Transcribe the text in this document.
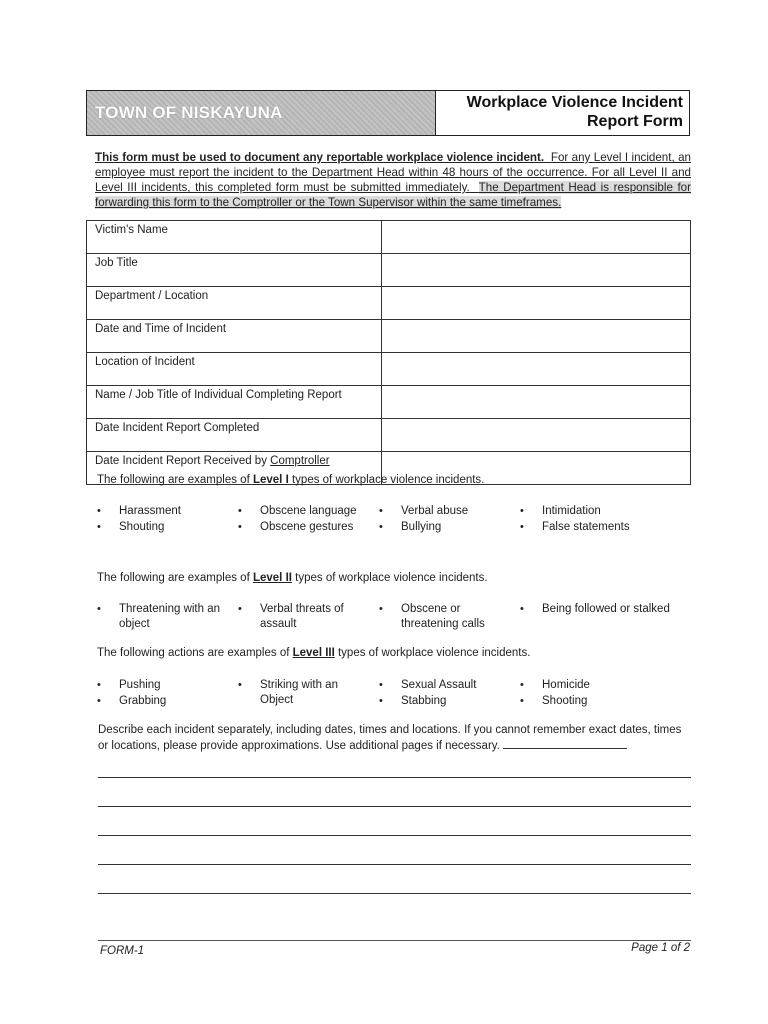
TOWN OF NISKAYUNA
Workplace Violence Incident
Report Form
This form must be used to document any reportable workplace violence incident. For any Level I incident, an employee must report the incident to the Department Head within 48 hours of the occurrence. For all Level II and Level III incidents, this completed form must be submitted immediately. The Department Head is responsible for forwarding this form to the Comptroller or the Town Supervisor within the same timeframes.
Victim's Name	
Job Title	
Department / Location	
Date and Time of Incident	
Location of Incident	
Name / Job Title of Individual Completing Report	
Date Incident Report Completed	
Date Incident Report Received by Comptroller	
The following are examples of Level I types of workplace violence incidents.
• Harassment
• Shouting
• Obscene language
• Obscene gestures
• Verbal abuse
• Bullying
• Intimidation
• False statements
The following are examples of Level II types of workplace violence incidents.
• Threatening with an object
• Verbal threats of assault
• Obscene or threatening calls
• Being followed or stalked
The following actions are examples of Level III types of workplace violence incidents.
• Pushing
• Grabbing
• Striking with an Object
• Sexual Assault
• Stabbing
• Homicide
• Shooting
Describe each incident separately, including dates, times and locations. If you cannot remember exact dates, times or locations, please provide approximations. Use additional pages if necessary.
FORM-1	Page 1 of 2
